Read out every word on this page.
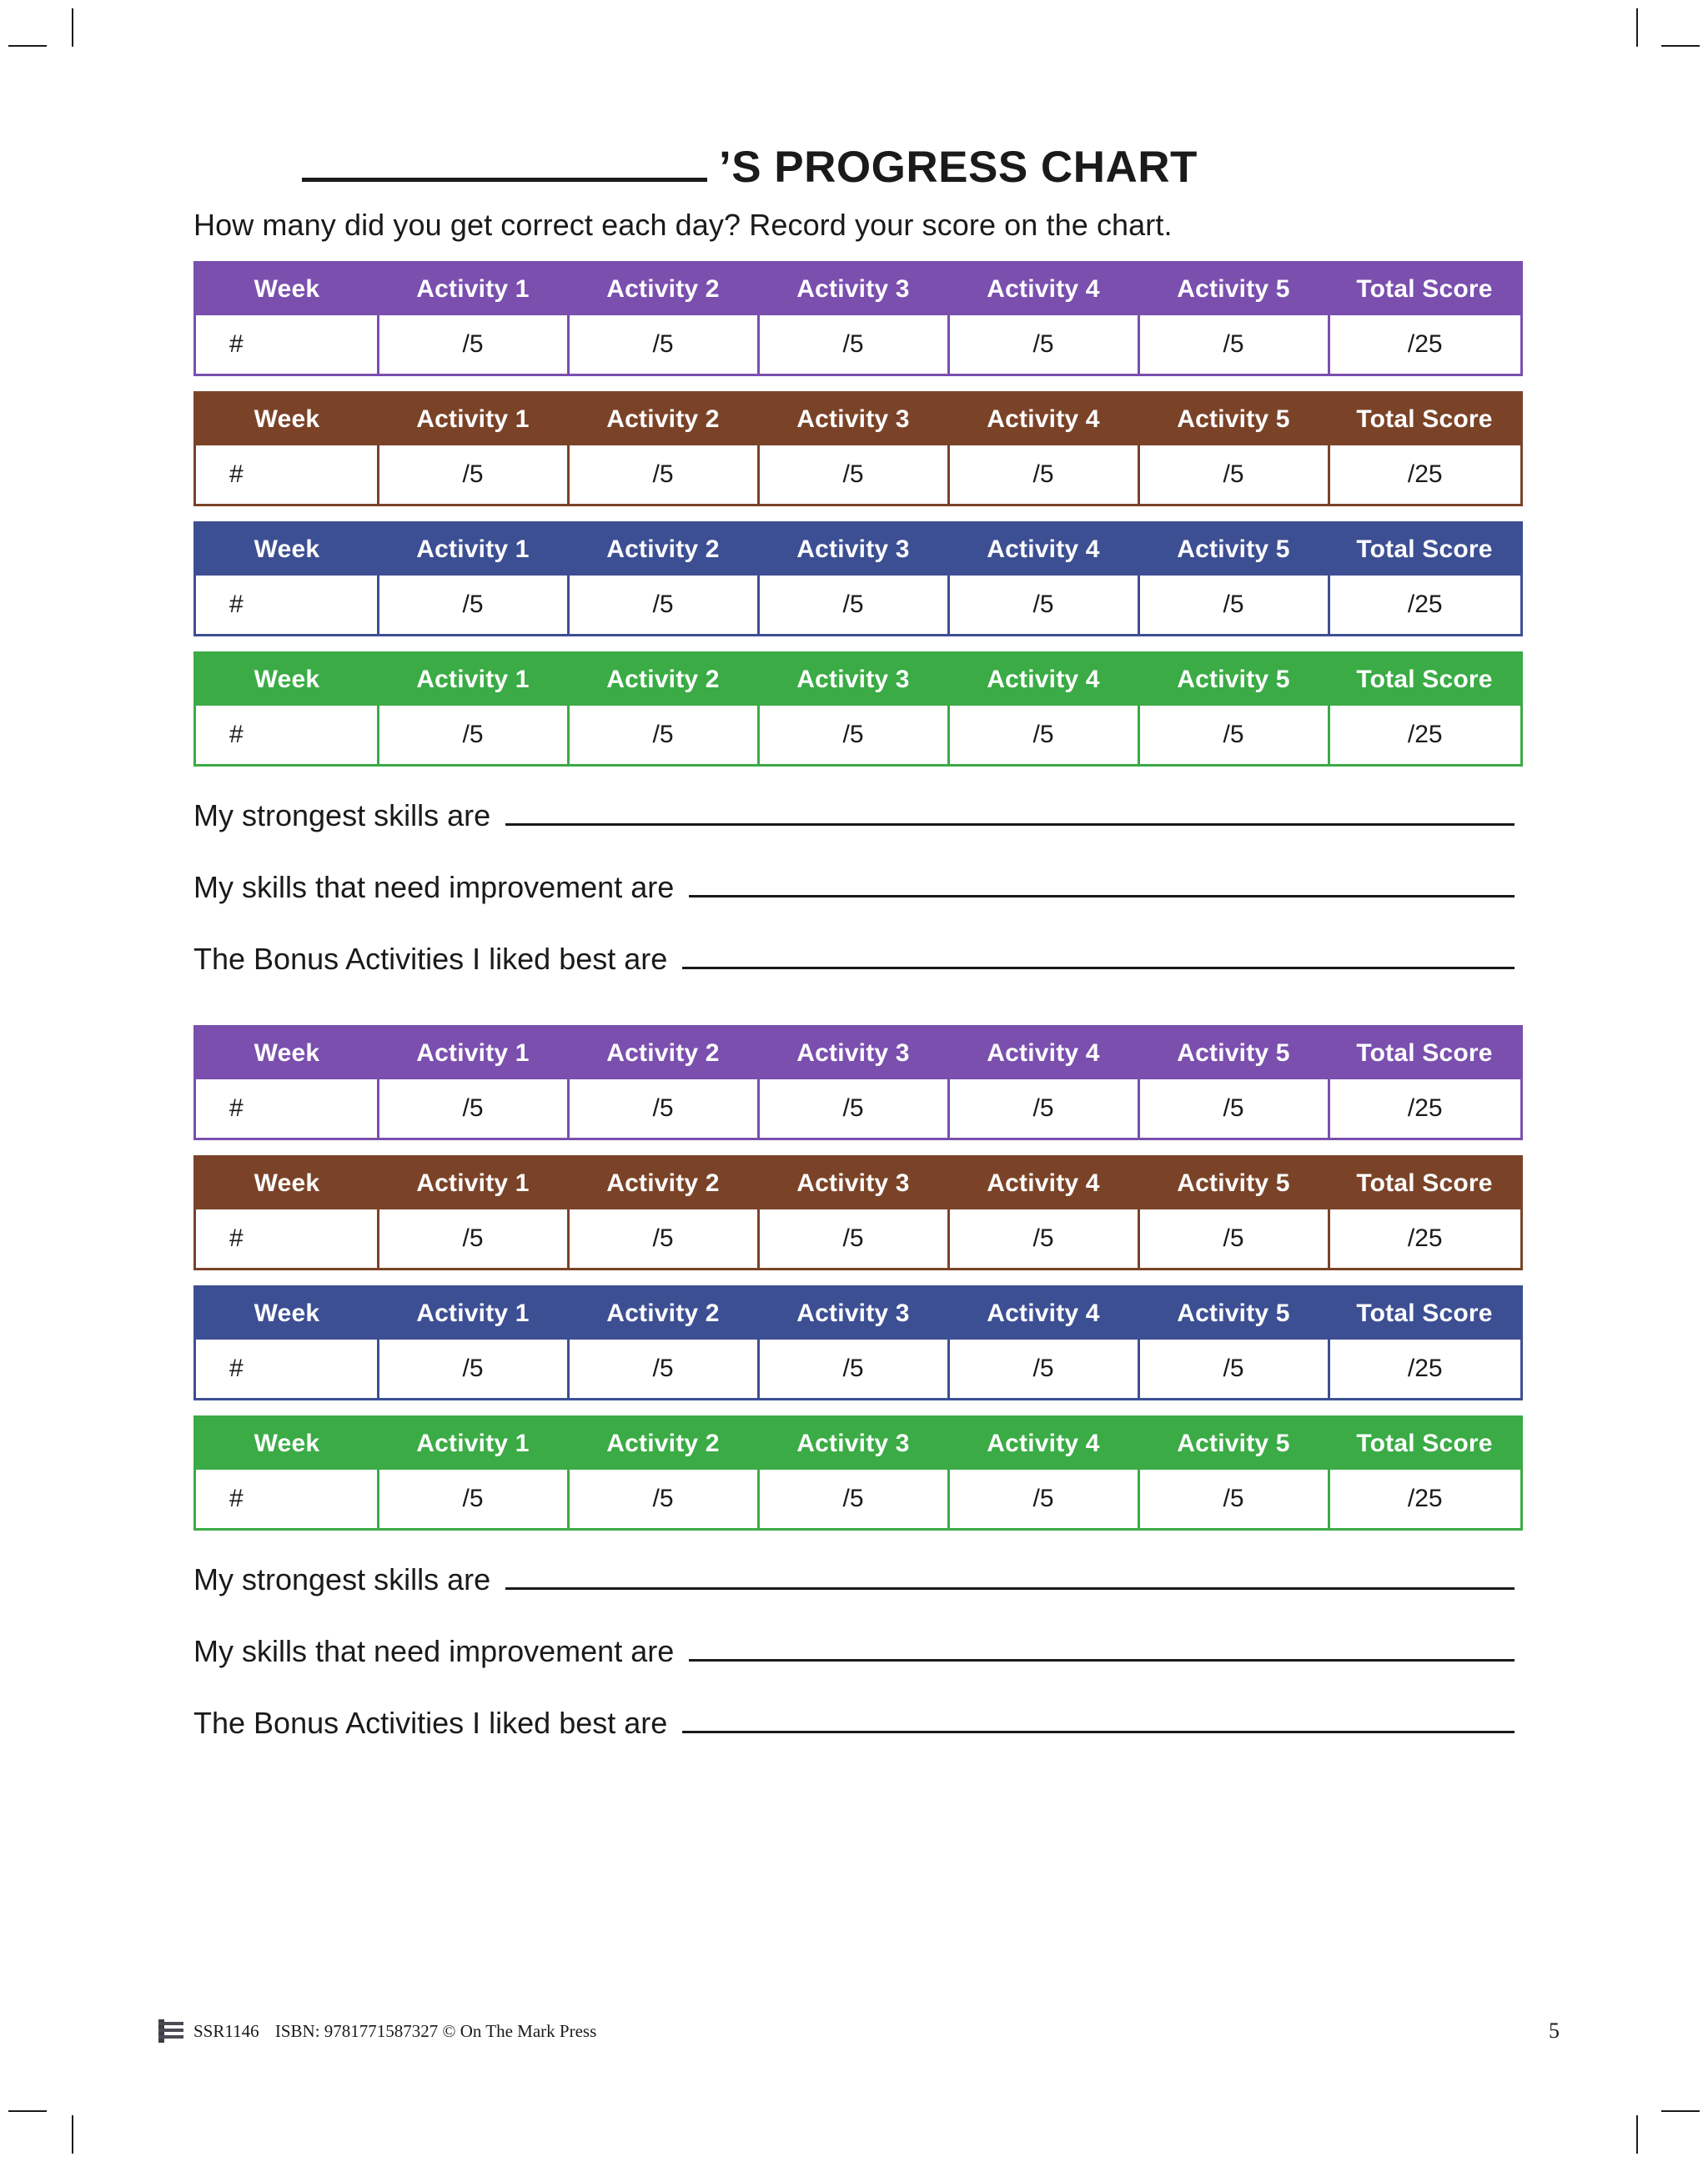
’S PROGRESS CHART
How many did you get correct each day? Record your score on the chart.
Week	Activity 1	Activity 2	Activity 3	Activity 4	Activity 5	Total Score
#	/5	/5	/5	/5	/5	/25
Week	Activity 1	Activity 2	Activity 3	Activity 4	Activity 5	Total Score
#	/5	/5	/5	/5	/5	/25
Week	Activity 1	Activity 2	Activity 3	Activity 4	Activity 5	Total Score
#	/5	/5	/5	/5	/5	/25
Week	Activity 1	Activity 2	Activity 3	Activity 4	Activity 5	Total Score
#	/5	/5	/5	/5	/5	/25
My strongest skills are
My skills that need improvement are
The Bonus Activities I liked best are
Week	Activity 1	Activity 2	Activity 3	Activity 4	Activity 5	Total Score
#	/5	/5	/5	/5	/5	/25
Week	Activity 1	Activity 2	Activity 3	Activity 4	Activity 5	Total Score
#	/5	/5	/5	/5	/5	/25
Week	Activity 1	Activity 2	Activity 3	Activity 4	Activity 5	Total Score
#	/5	/5	/5	/5	/5	/25
Week	Activity 1	Activity 2	Activity 3	Activity 4	Activity 5	Total Score
#	/5	/5	/5	/5	/5	/25
My strongest skills are
My skills that need improvement are
The Bonus Activities I liked best are
SSR1146 ISBN: 9781771587327 © On The Mark Press	5
